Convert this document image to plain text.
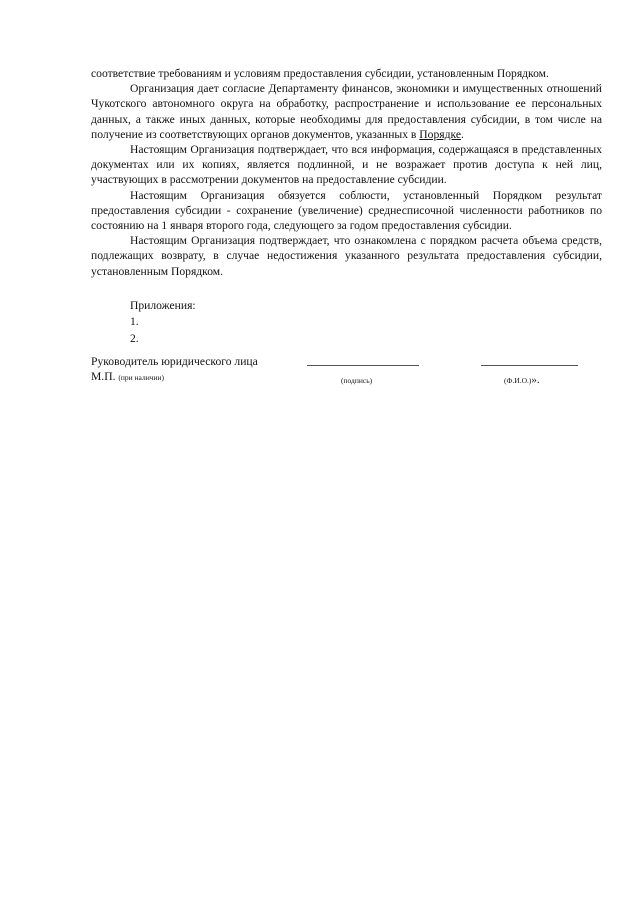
соответствие требованиям и условиям предоставления субсидии, установленным Порядком.

Организация дает согласие Департаменту финансов, экономики и имущественных отношений Чукотского автономного округа на обработку, распространение и использование ее персональных данных, а также иных данных, которые необходимы для предоставления субсидии, в том числе на получение из соответствующих органов документов, указанных в Порядке.

Настоящим Организация подтверждает, что вся информация, содержащаяся в представленных документах или их копиях, является подлинной, и не возражает против доступа к ней лиц, участвующих в рассмотрении документов на предоставление субсидии.

Настоящим Организация обязуется соблюсти, установленный Порядком результат предоставления субсидии - сохранение (увеличение) среднесписочной численности работников по состоянию на 1 января второго года, следующего за годом предоставления субсидии.

Настоящим Организация подтверждает, что ознакомлена с порядком расчета объема средств, подлежащих возврату, в случае недостижения указанного результата предоставления субсидии, установленным Порядком.

Приложения:
1.
2.
Руководитель юридического лица
М.П. (при наличии)	(подпись)	(Ф.И.О.)».
